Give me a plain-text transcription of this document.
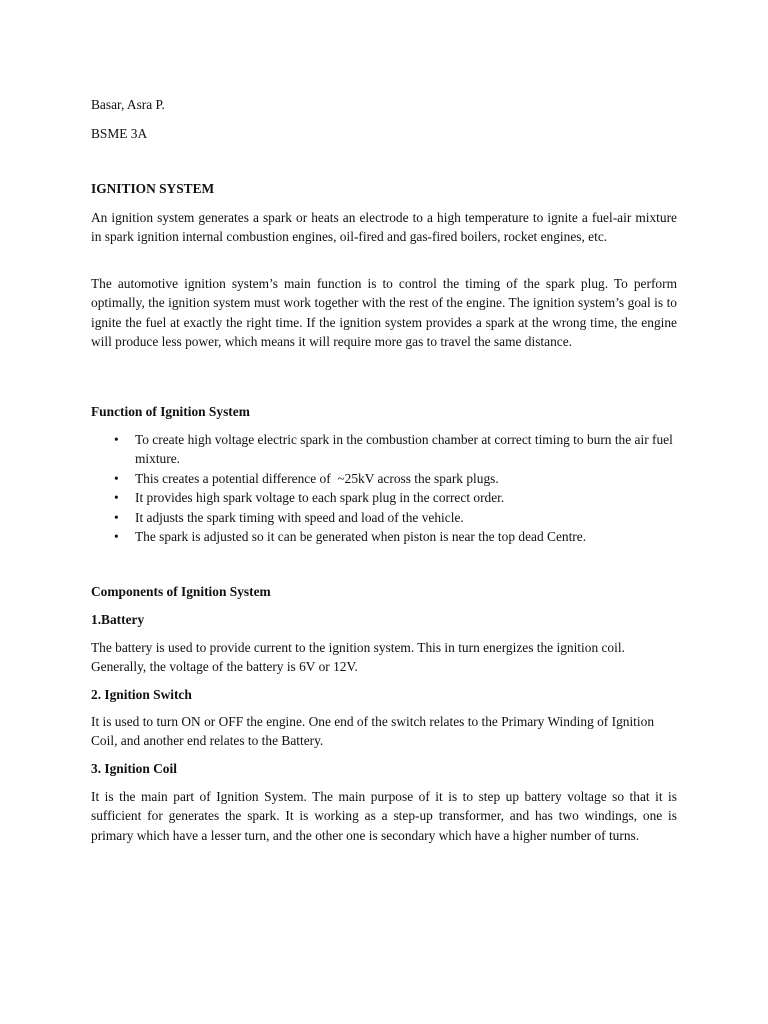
Basar, Asra P.

BSME 3A

IGNITION SYSTEM

An ignition system generates a spark or heats an electrode to a high temperature to ignite a fuel-air mixture in spark ignition internal combustion engines, oil-fired and gas-fired boilers, rocket engines, etc.

The automotive ignition system’s main function is to control the timing of the spark plug. To perform optimally, the ignition system must work together with the rest of the engine. The ignition system’s goal is to ignite the fuel at exactly the right time. If the ignition system provides a spark at the wrong time, the engine will produce less power, which means it will require more gas to travel the same distance.

Function of Ignition System

• To create high voltage electric spark in the combustion chamber at correct timing to burn the air fuel mixture.
• This creates a potential difference of  ~25kV across the spark plugs.
• It provides high spark voltage to each spark plug in the correct order.
• It adjusts the spark timing with speed and load of the vehicle.
• The spark is adjusted so it can be generated when piston is near the top dead Centre.

Components of Ignition System

1.Battery

The battery is used to provide current to the ignition system. This in turn energizes the ignition coil. Generally, the voltage of the battery is 6V or 12V.

2. Ignition Switch

It is used to turn ON or OFF the engine. One end of the switch relates to the Primary Winding of Ignition Coil, and another end relates to the Battery.

3. Ignition Coil

It is the main part of Ignition System. The main purpose of it is to step up battery voltage so that it is sufficient for generates the spark. It is working as a step-up transformer, and has two windings, one is primary which have a lesser turn, and the other one is secondary which have a higher number of turns.
